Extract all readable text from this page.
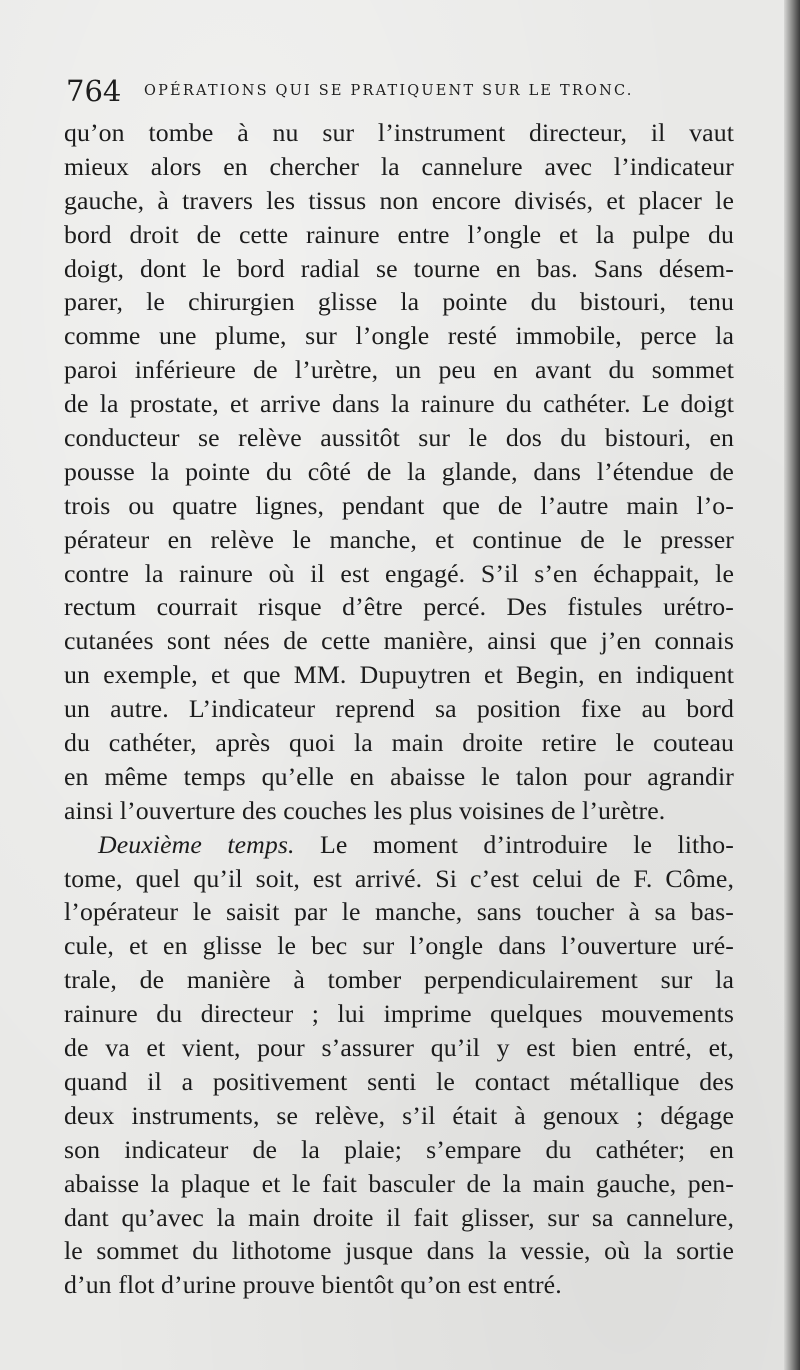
764 OPÉRATIONS QUI SE PRATIQUENT SUR LE TRONC.
qu’on tombe à nu sur l’instrument directeur, il vaut
mieux alors en chercher la cannelure avec l’indicateur
gauche, à travers les tissus non encore divisés, et placer le
bord droit de cette rainure entre l’ongle et la pulpe du
doigt, dont le bord radial se tourne en bas. Sans désem-
parer, le chirurgien glisse la pointe du bistouri, tenu
comme une plume, sur l’ongle resté immobile, perce la
paroi inférieure de l’urètre, un peu en avant du sommet
de la prostate, et arrive dans la rainure du cathéter. Le doigt
conducteur se relève aussitôt sur le dos du bistouri, en
pousse la pointe du côté de la glande, dans l’étendue de
trois ou quatre lignes, pendant que de l’autre main l’o-
pérateur en relève le manche, et continue de le presser
contre la rainure où il est engagé. S’il s’en échappait, le
rectum courrait risque d’être percé. Des fistules urétro-
cutanées sont nées de cette manière, ainsi que j’en connais
un exemple, et que MM. Dupuytren et Begin, en indiquent
un autre. L’indicateur reprend sa position fixe au bord
du cathéter, après quoi la main droite retire le couteau
en même temps qu’elle en abaisse le talon pour agrandir
ainsi l’ouverture des couches les plus voisines de l’urètre.
Deuxième temps. Le moment d’introduire le litho-
tome, quel qu’il soit, est arrivé. Si c’est celui de F. Côme,
l’opérateur le saisit par le manche, sans toucher à sa bas-
cule, et en glisse le bec sur l’ongle dans l’ouverture uré-
trale, de manière à tomber perpendiculairement sur la
rainure du directeur ; lui imprime quelques mouvements
de va et vient, pour s’assurer qu’il y est bien entré, et,
quand il a positivement senti le contact métallique des
deux instruments, se relève, s’il était à genoux ; dégage
son indicateur de la plaie; s’empare du cathéter; en
abaisse la plaque et le fait basculer de la main gauche, pen-
dant qu’avec la main droite il fait glisser, sur sa cannelure,
le sommet du lithotome jusque dans la vessie, où la sortie
d’un flot d’urine prouve bientôt qu’on est entré.
